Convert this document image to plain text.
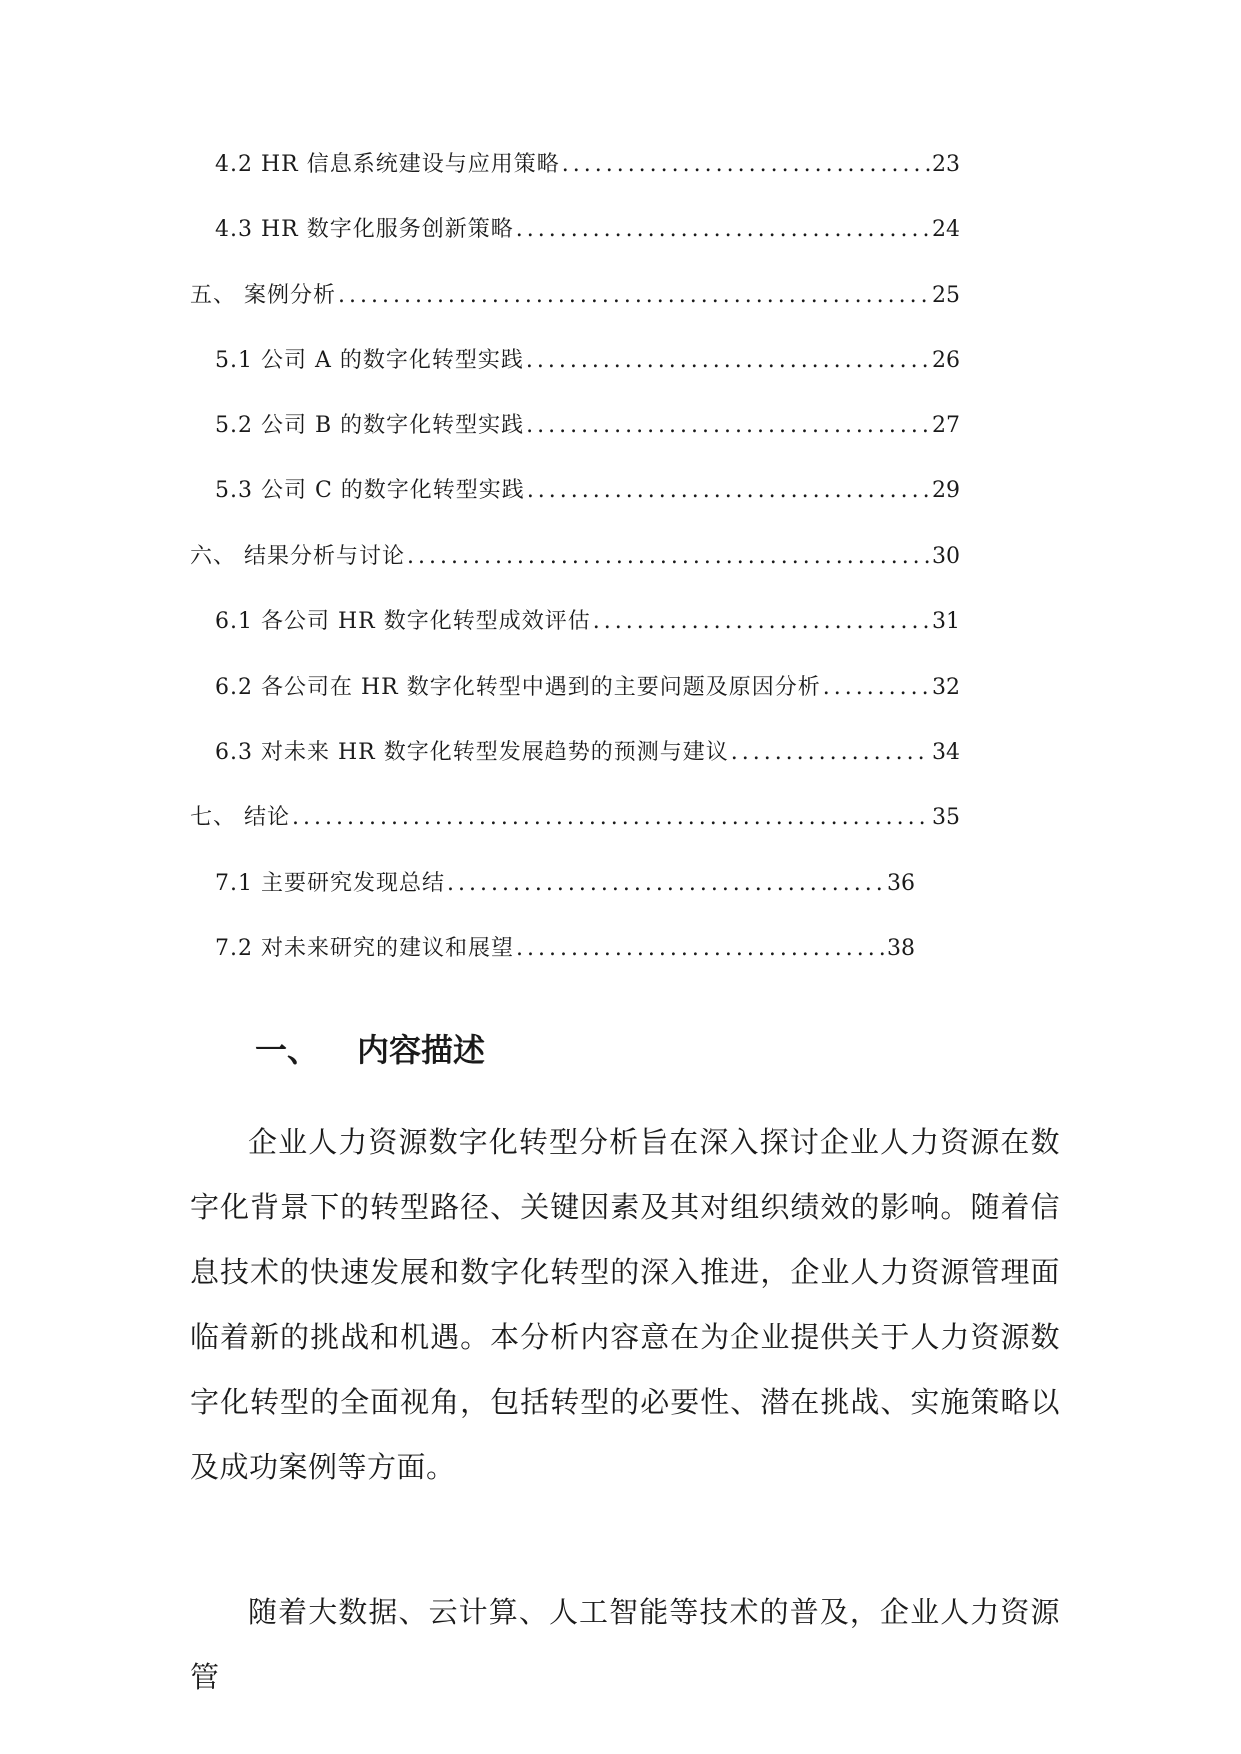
4.2 HR 信息系统建设与应用策略 .....	23
4.3 HR 数字化服务创新策略 .....	24
五、 案例分析 .....	25
5.1 公司 A 的数字化转型实践 .....	26
5.2 公司 B 的数字化转型实践 .....	27
5.3 公司 C 的数字化转型实践 .....	29
六、 结果分析与讨论 .....	30
6.1 各公司 HR 数字化转型成效评估 .....	31
6.2 各公司在 HR 数字化转型中遇到的主要问题及原因分析 .....	32
6.3 对未来 HR 数字化转型发展趋势的预测与建议 .....	34
七、 结论 .....	35
7.1 主要研究发现总结 .....	36
7.2 对未来研究的建议和展望 .....	38
一、 内容描述

企业人力资源数字化转型分析旨在深入探讨企业人力资源在数字化背景下的转型路径、关键因素及其对组织绩效的影响。随着信息技术的快速发展和数字化转型的深入推进，企业人力资源管理面临着新的挑战和机遇。本分析内容意在为企业提供关于人力资源数字化转型的全面视角，包括转型的必要性、潜在挑战、实施策略以及成功案例等方面。

随着大数据、云计算、人工智能等技术的普及，企业人力资源管
